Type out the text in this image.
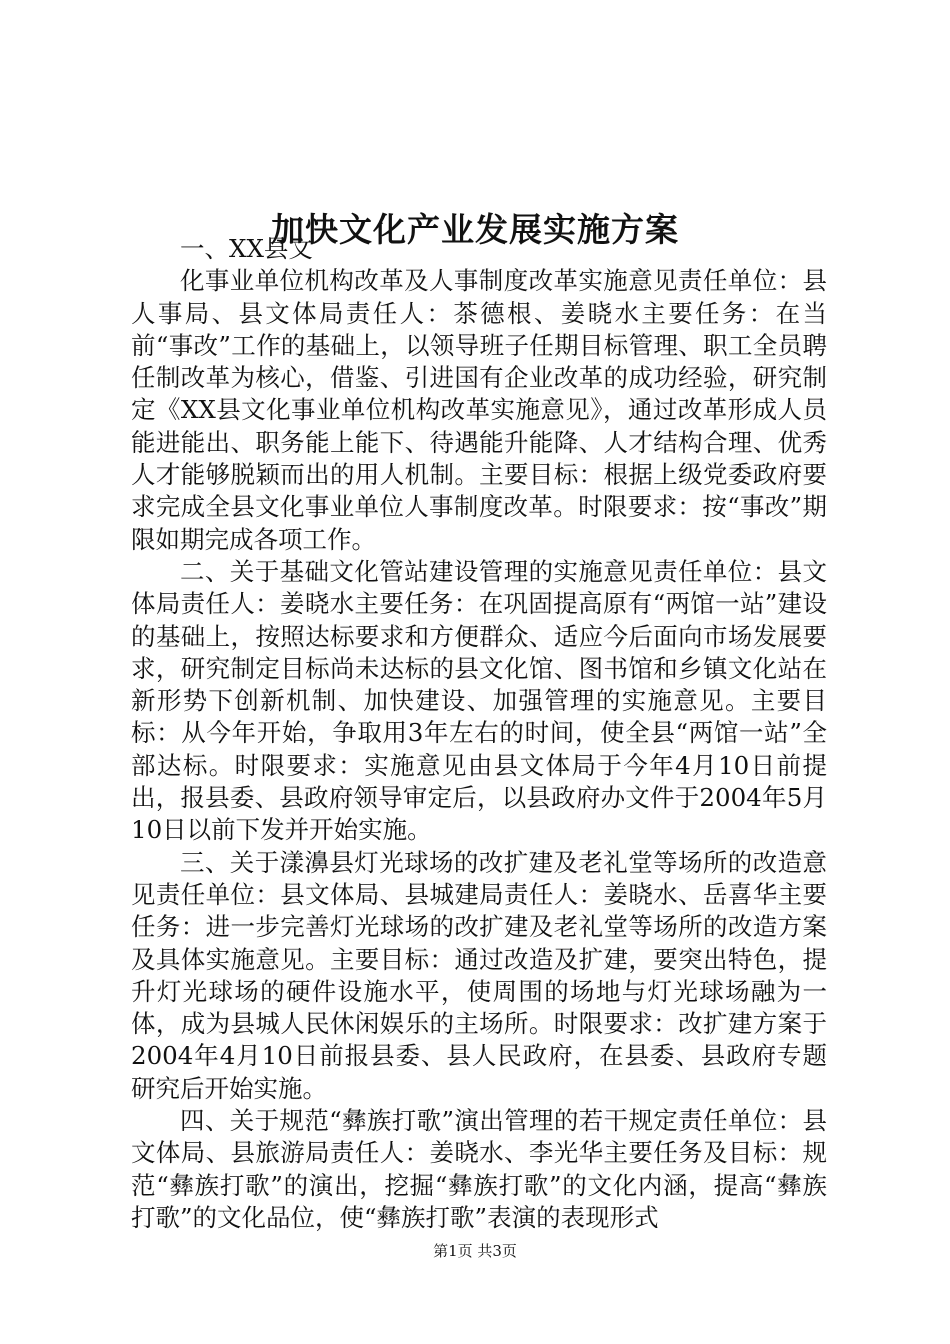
加快文化产业发展实施方案

一、XX县文

化事业单位机构改革及人事制度改革实施意见责任单位：县人事局、县文体局责任人：茶德根、姜晓水主要任务：在当前“事改”工作的基础上，以领导班子任期目标管理、职工全员聘任制改革为核心，借鉴、引进国有企业改革的成功经验，研究制定《XX县文化事业单位机构改革实施意见》，通过改革形成人员能进能出、职务能上能下、待遇能升能降、人才结构合理、优秀人才能够脱颖而出的用人机制。主要目标：根据上级党委政府要求完成全县文化事业单位人事制度改革。时限要求：按“事改”期限如期完成各项工作。

二、关于基础文化管站建设管理的实施意见责任单位：县文体局责任人：姜晓水主要任务：在巩固提高原有“两馆一站”建设的基础上，按照达标要求和方便群众、适应今后面向市场发展要求，研究制定目标尚未达标的县文化馆、图书馆和乡镇文化站在新形势下创新机制、加快建设、加强管理的实施意见。主要目标：从今年开始，争取用3年左右的时间，使全县“两馆一站”全部达标。时限要求：实施意见由县文体局于今年4月10日前提出，报县委、县政府领导审定后，以县政府办文件于2004年5月10日以前下发并开始实施。

三、关于漾濞县灯光球场的改扩建及老礼堂等场所的改造意见责任单位：县文体局、县城建局责任人：姜晓水、岳喜华主要任务：进一步完善灯光球场的改扩建及老礼堂等场所的改造方案及具体实施意见。主要目标：通过改造及扩建，要突出特色，提升灯光球场的硬件设施水平，使周围的场地与灯光球场融为一体，成为县城人民休闲娱乐的主场所。时限要求：改扩建方案于2004年4月10日前报县委、县人民政府，在县委、县政府专题研究后开始实施。

四、关于规范“彝族打歌”演出管理的若干规定责任单位：县文体局、县旅游局责任人：姜晓水、李光华主要任务及目标：规范“彝族打歌”的演出，挖掘“彝族打歌”的文化内涵，提高“彝族打歌”的文化品位，使“彝族打歌”表演的表现形式

第1页 共3页
